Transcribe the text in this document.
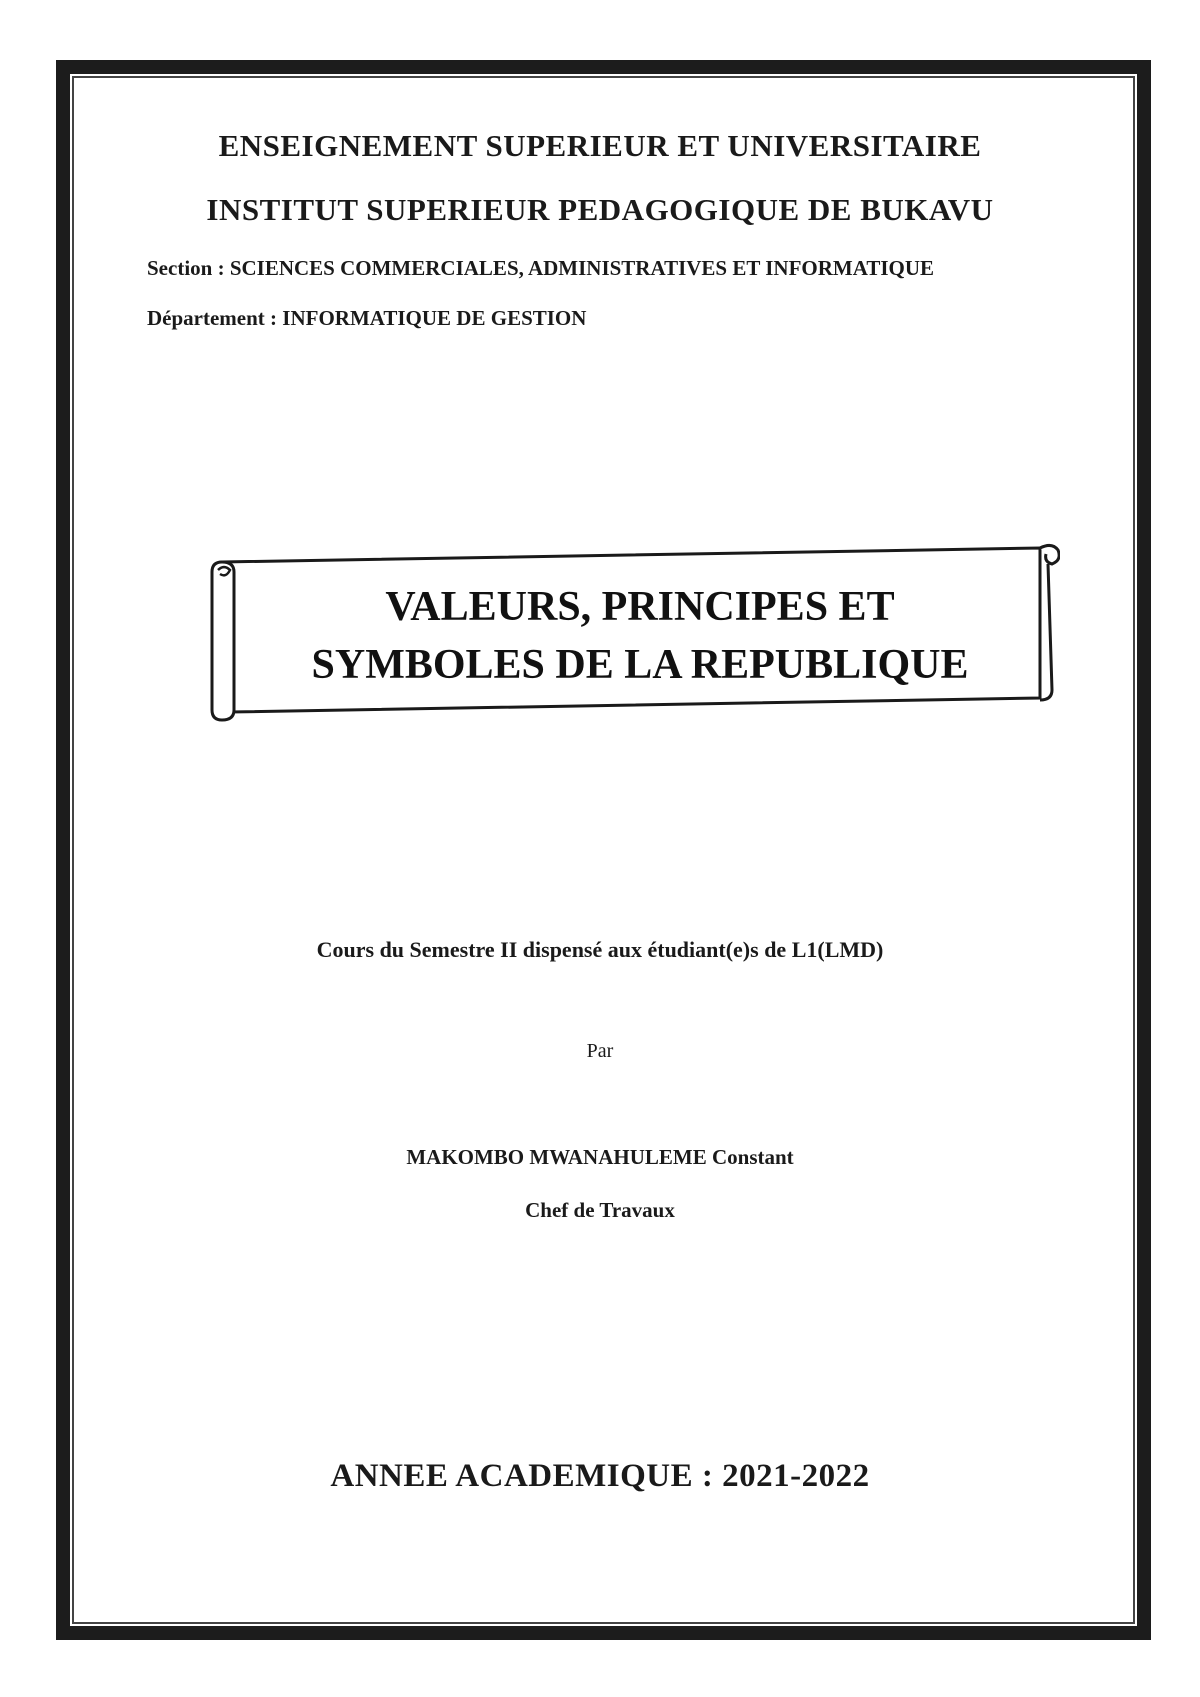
ENSEIGNEMENT SUPERIEUR ET UNIVERSITAIRE
INSTITUT SUPERIEUR PEDAGOGIQUE DE BUKAVU
Section : SCIENCES COMMERCIALES, ADMINISTRATIVES ET INFORMATIQUE
Département : INFORMATIQUE DE GESTION
VALEURS, PRINCIPES ET
SYMBOLES DE LA REPUBLIQUE
Cours du Semestre II dispensé aux étudiant(e)s de L1(LMD)
Par
MAKOMBO MWANAHULEME Constant
Chef de Travaux
ANNEE ACADEMIQUE : 2021-2022
